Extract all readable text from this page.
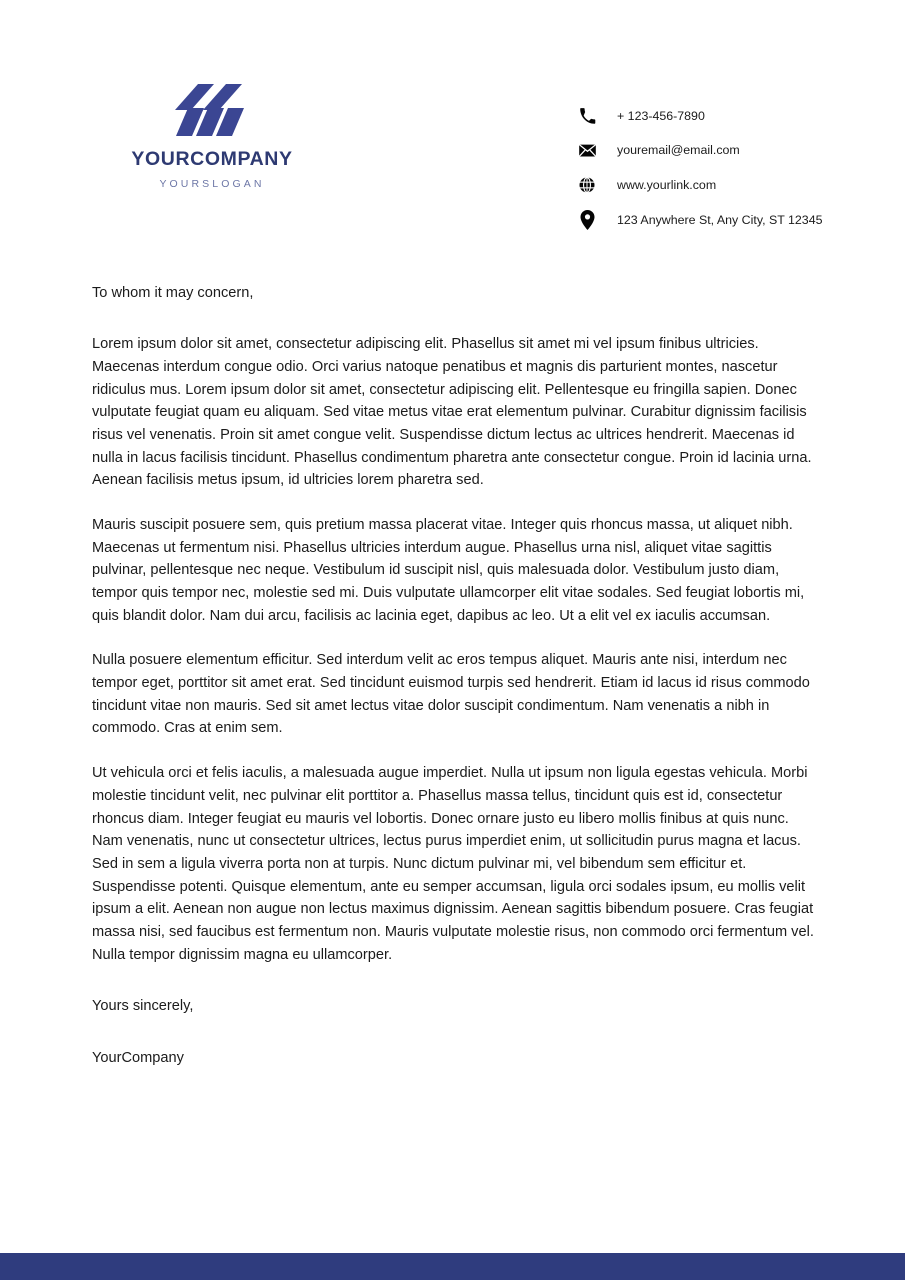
YOURCOMPANY
YOURSLOGAN
+ 123-456-7890
youremail@email.com
www.yourlink.com
123 Anywhere St, Any City, ST 12345

To whom it may concern,

Lorem ipsum dolor sit amet, consectetur adipiscing elit. Phasellus sit amet mi vel ipsum finibus ultricies. Maecenas interdum congue odio. Orci varius natoque penatibus et magnis dis parturient montes, nascetur ridiculus mus. Lorem ipsum dolor sit amet, consectetur adipiscing elit. Pellentesque eu fringilla sapien. Donec vulputate feugiat quam eu aliquam. Sed vitae metus vitae erat elementum pulvinar. Curabitur dignissim facilisis risus vel venenatis. Proin sit amet congue velit. Suspendisse dictum lectus ac ultrices hendrerit. Maecenas id nulla in lacus facilisis tincidunt. Phasellus condimentum pharetra ante consectetur congue. Proin id lacinia urna. Aenean facilisis metus ipsum, id ultricies lorem pharetra sed.

Mauris suscipit posuere sem, quis pretium massa placerat vitae. Integer quis rhoncus massa, ut aliquet nibh. Maecenas ut fermentum nisi. Phasellus ultricies interdum augue. Phasellus urna nisl, aliquet vitae sagittis pulvinar, pellentesque nec neque. Vestibulum id suscipit nisl, quis malesuada dolor. Vestibulum justo diam, tempor quis tempor nec, molestie sed mi. Duis vulputate ullamcorper elit vitae sodales. Sed feugiat lobortis mi, quis blandit dolor. Nam dui arcu, facilisis ac lacinia eget, dapibus ac leo. Ut a elit vel ex iaculis accumsan.

Nulla posuere elementum efficitur. Sed interdum velit ac eros tempus aliquet. Mauris ante nisi, interdum nec tempor eget, porttitor sit amet erat. Sed tincidunt euismod turpis sed hendrerit. Etiam id lacus id risus commodo tincidunt vitae non mauris. Sed sit amet lectus vitae dolor suscipit condimentum. Nam venenatis a nibh in commodo. Cras at enim sem.

Ut vehicula orci et felis iaculis, a malesuada augue imperdiet. Nulla ut ipsum non ligula egestas vehicula. Morbi molestie tincidunt velit, nec pulvinar elit porttitor a. Phasellus massa tellus, tincidunt quis est id, consectetur rhoncus diam. Integer feugiat eu mauris vel lobortis. Donec ornare justo eu libero mollis finibus at quis nunc. Nam venenatis, nunc ut consectetur ultrices, lectus purus imperdiet enim, ut sollicitudin purus magna et lacus. Sed in sem a ligula viverra porta non at turpis. Nunc dictum pulvinar mi, vel bibendum sem efficitur et. Suspendisse potenti. Quisque elementum, ante eu semper accumsan, ligula orci sodales ipsum, eu mollis velit ipsum a elit. Aenean non augue non lectus maximus dignissim. Aenean sagittis bibendum posuere. Cras feugiat massa nisi, sed faucibus est fermentum non. Mauris vulputate molestie risus, non commodo orci fermentum vel. Nulla tempor dignissim magna eu ullamcorper.

Yours sincerely,

YourCompany
